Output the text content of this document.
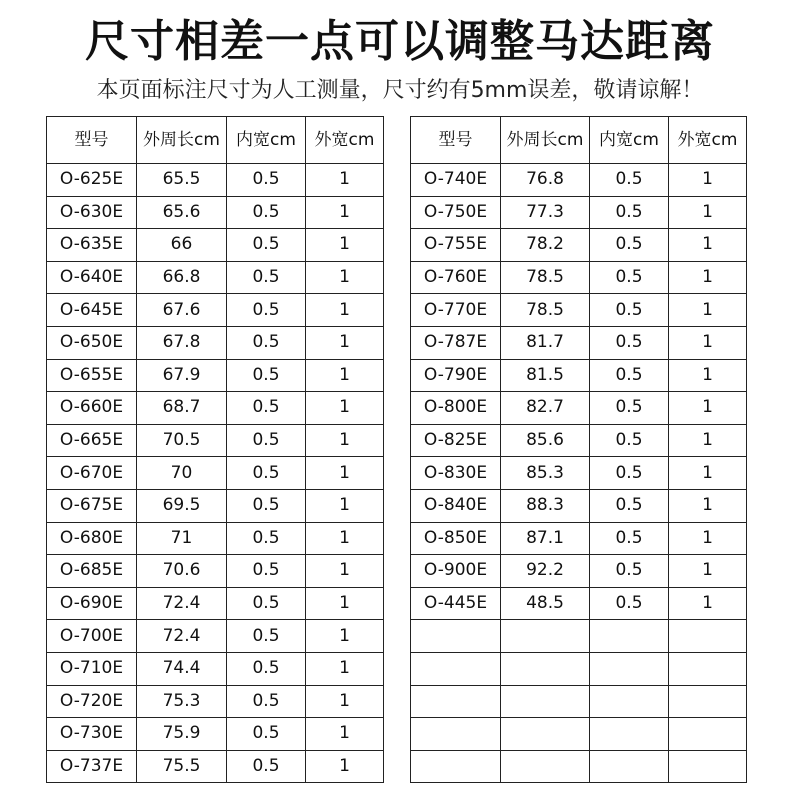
尺寸相差一点可以调整马达距离
本页面标注尺寸为人工测量，尺寸约有5mm误差，敬请谅解！
型号	外周长cm	内宽cm	外宽cm
O-625E	65.5	0.5	1
O-630E	65.6	0.5	1
O-635E	66	0.5	1
O-640E	66.8	0.5	1
O-645E	67.6	0.5	1
O-650E	67.8	0.5	1
O-655E	67.9	0.5	1
O-660E	68.7	0.5	1
O-665E	70.5	0.5	1
O-670E	70	0.5	1
O-675E	69.5	0.5	1
O-680E	71	0.5	1
O-685E	70.6	0.5	1
O-690E	72.4	0.5	1
O-700E	72.4	0.5	1
O-710E	74.4	0.5	1
O-720E	75.3	0.5	1
O-730E	75.9	0.5	1
O-737E	75.5	0.5	1
型号	外周长cm	内宽cm	外宽cm
O-740E	76.8	0.5	1
O-750E	77.3	0.5	1
O-755E	78.2	0.5	1
O-760E	78.5	0.5	1
O-770E	78.5	0.5	1
O-787E	81.7	0.5	1
O-790E	81.5	0.5	1
O-800E	82.7	0.5	1
O-825E	85.6	0.5	1
O-830E	85.3	0.5	1
O-840E	88.3	0.5	1
O-850E	87.1	0.5	1
O-900E	92.2	0.5	1
O-445E	48.5	0.5	1
